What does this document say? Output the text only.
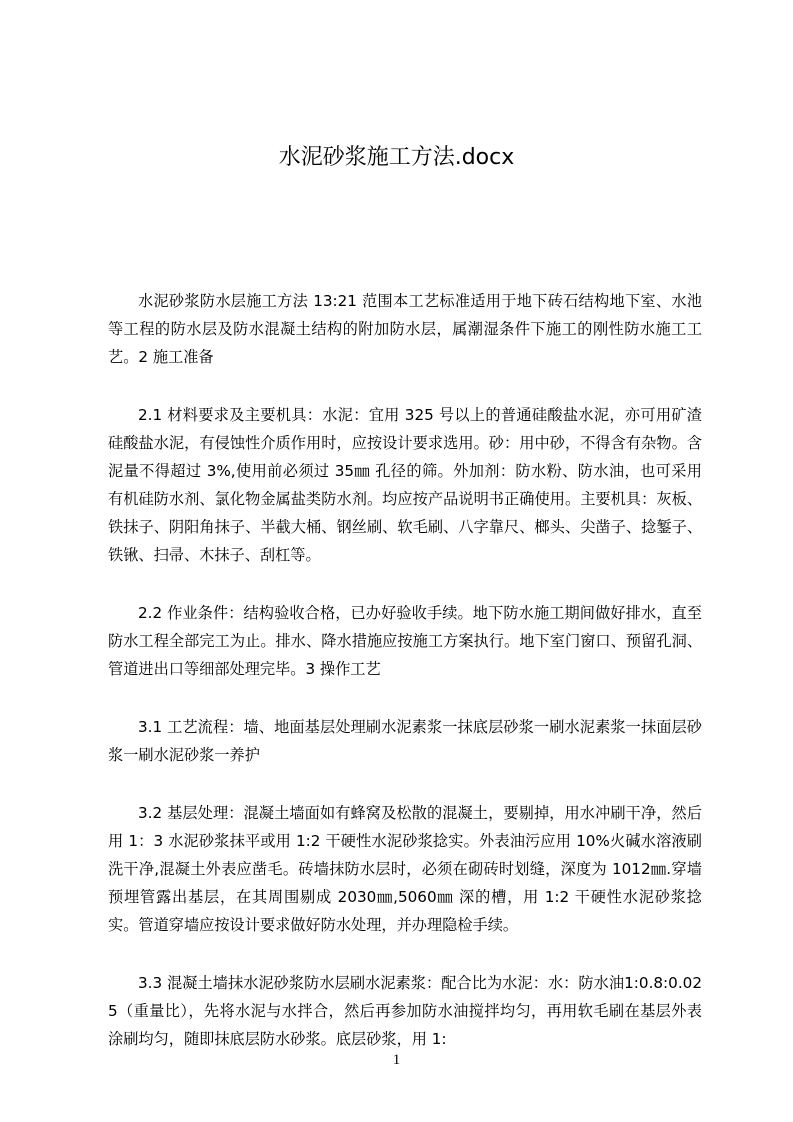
水泥砂浆施工方法.docx

水泥砂浆防水层施工方法 13:21 范围本工艺标准适用于地下砖石结构地下室、水池等工程的防水层及防水混凝土结构的附加防水层，属潮湿条件下施工的刚性防水施工工艺。2 施工准备

2.1 材料要求及主要机具：水泥：宜用 325 号以上的普通硅酸盐水泥，亦可用矿渣硅酸盐水泥，有侵蚀性介质作用时，应按设计要求选用。砂：用中砂，不得含有杂物。含泥量不得超过 3%,使用前必须过 35㎜ 孔径的筛。外加剂：防水粉、防水油，也可采用有机硅防水剂、氯化物金属盐类防水剂。均应按产品说明书正确使用。主要机具：灰板、铁抹子、阴阳角抹子、半截大桶、钢丝刷、软毛刷、八字靠尺、榔头、尖凿子、捻錾子、铁锹、扫帚、木抹子、刮杠等。

2.2 作业条件：结构验收合格，已办好验收手续。地下防水施工期间做好排水，直至防水工程全部完工为止。排水、降水措施应按施工方案执行。地下室门窗口、预留孔洞、管道进出口等细部处理完毕。3 操作工艺

3.1 工艺流程：墙、地面基层处理刷水泥素浆一抹底层砂浆一刷水泥素浆一抹面层砂浆一刷水泥砂浆一养护

3.2 基层处理：混凝土墙面如有蜂窝及松散的混凝土，要剔掉，用水冲刷干净，然后用 1：3 水泥砂浆抹平或用 1:2 干硬性水泥砂浆捻实。外表油污应用 10%火碱水溶液刷洗干净,混凝土外表应凿毛。砖墙抹防水层时，必须在砌砖时划缝，深度为 1012㎜.穿墙预埋管露出基层，在其周围剔成 2030㎜,5060㎜ 深的槽，用 1:2 干硬性水泥砂浆捻实。管道穿墙应按设计要求做好防水处理，并办理隐检手续。

3.3 混凝土墙抹水泥砂浆防水层刷水泥素浆：配合比为水泥：水：防水油1:0.8:0.025（重量比），先将水泥与水拌合，然后再参加防水油搅拌均匀，再用软毛刷在基层外表涂刷均匀，随即抹底层防水砂浆。底层砂浆，用 1:

1
